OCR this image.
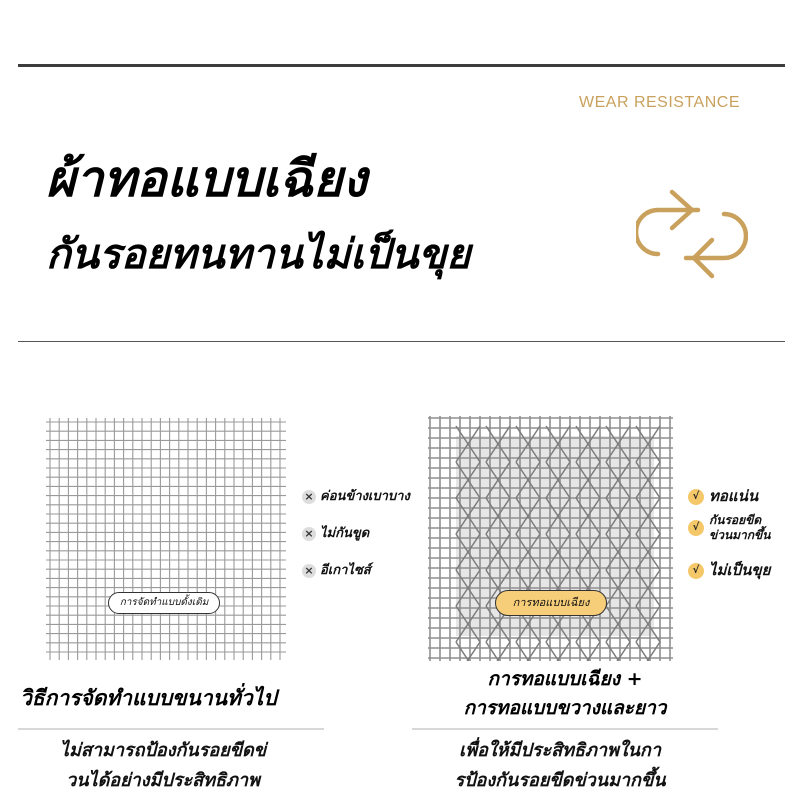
WEAR RESISTANCE
ผ้าทอแบบเฉียง
กันรอยทนทานไม่เป็นขุย
การจัดทำแบบดั้งเดิม
× ค่อนข้างเบาบาง
× ไม่กันขูด
× อีเกาไซส์
การทอแบบเฉียง
√ ทอแน่น
√กันรอยขีด
ข่วนมากขึ้น
√ ไม่เป็นขุย
วิธีการจัดทำแบบขนานทั่วไป
การทอแบบเฉียง +
การทอแบบขวางและยาว
ไม่สามารถป้องกันรอยขีดข่
วนได้อย่างมีประสิทธิภาพ
เพื่อให้มีประสิทธิภาพในกา
รป้องกันรอยขีดข่วนมากขึ้น
